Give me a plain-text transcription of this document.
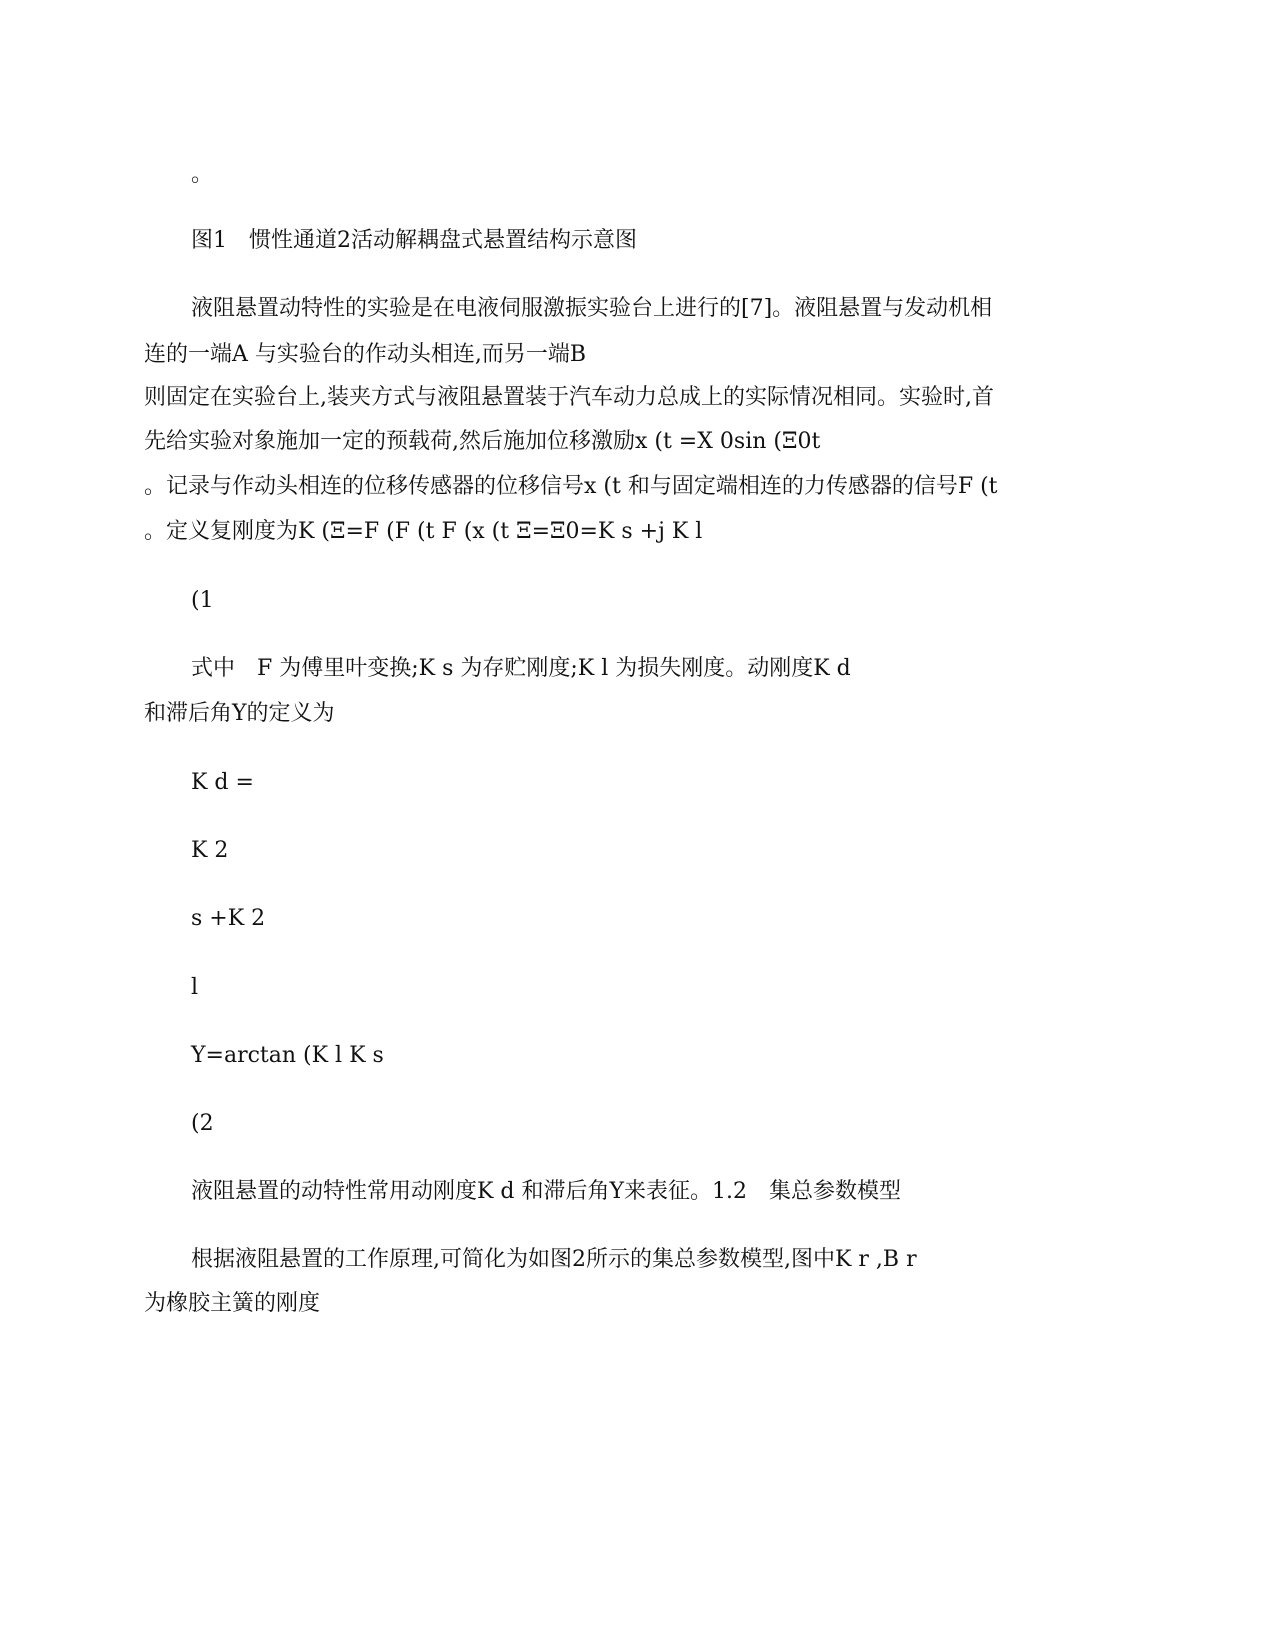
。
图1　惯性通道2活动解耦盘式悬置结构示意图
液阻悬置动特性的实验是在电液伺服激振实验台上进行的[7]。液阻悬置与发动机相
连的一端A 与实验台的作动头相连,而另一端B
则固定在实验台上,装夹方式与液阻悬置装于汽车动力总成上的实际情况相同。实验时,首
先给实验对象施加一定的预载荷,然后施加位移激励x (t =X 0sin (Ξ0t
。记录与作动头相连的位移传感器的位移信号x (t 和与固定端相连的力传感器的信号F (t
。定义复刚度为K (Ξ=F (F (t F (x (t Ξ=Ξ0=K s +j K l
(1
式中　F 为傅里叶变换;K s 为存贮刚度;K l 为损失刚度。动刚度K d
和滞后角Y的定义为
K d =
K 2
s +K 2
l
Y=arctan (K l K s
(2
液阻悬置的动特性常用动刚度K d 和滞后角Y来表征。1.2　集总参数模型
根据液阻悬置的工作原理,可简化为如图2所示的集总参数模型,图中K r ,B r
为橡胶主簧的刚度
